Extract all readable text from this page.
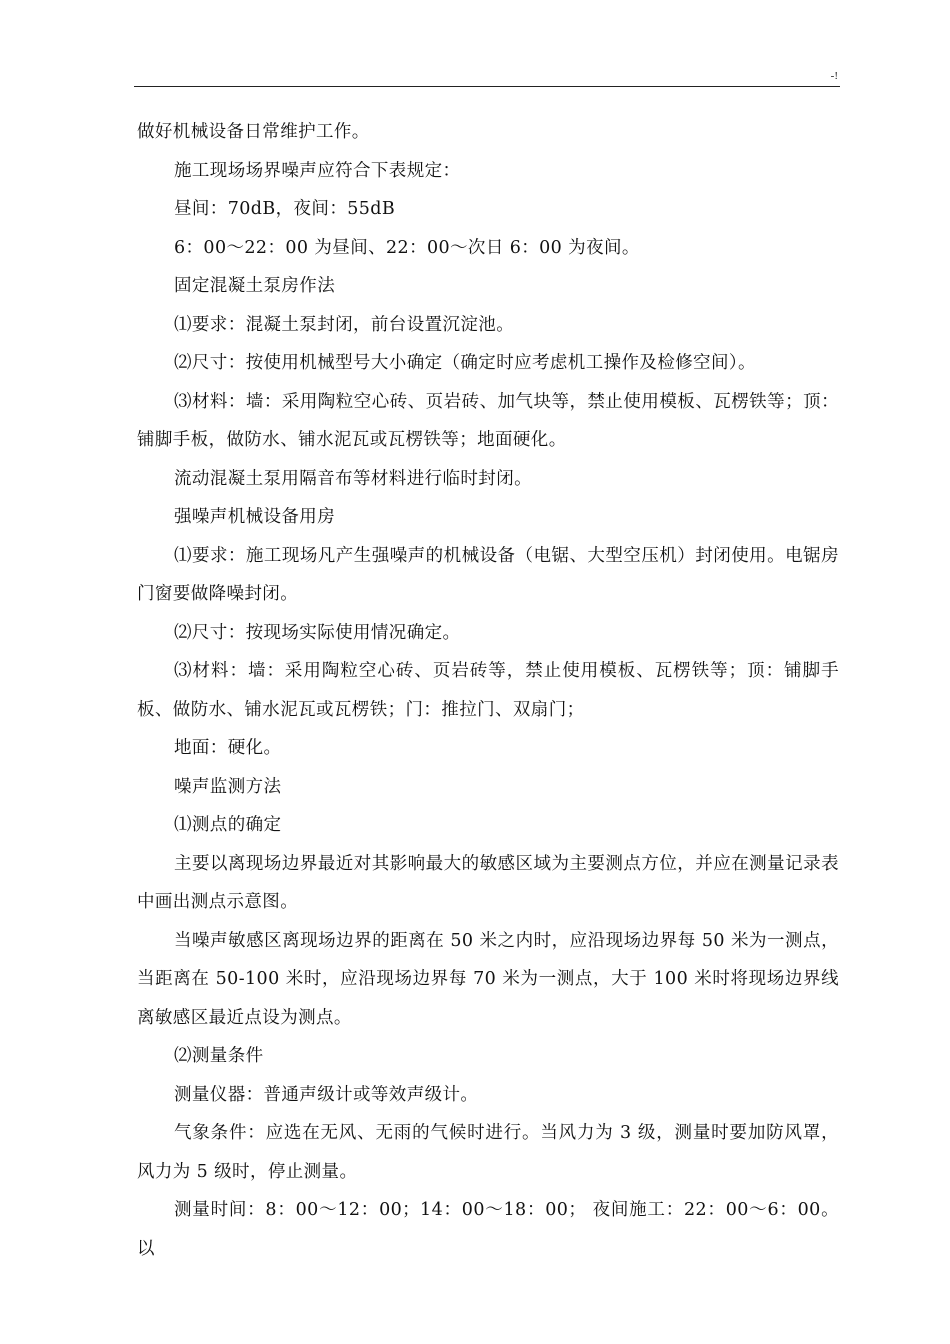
-!

做好机械设备日常维护工作。

施工现场场界噪声应符合下表规定：

昼间：70dB，夜间：55dB

6：00～22：00 为昼间、22：00～次日 6：00 为夜间。

固定混凝土泵房作法

⑴要求：混凝土泵封闭，前台设置沉淀池。

⑵尺寸：按使用机械型号大小确定（确定时应考虑机工操作及检修空间）。

⑶材料：墙：采用陶粒空心砖、页岩砖、加气块等，禁止使用模板、瓦楞铁等；顶：铺脚手板，做防水、铺水泥瓦或瓦楞铁等；地面硬化。

流动混凝土泵用隔音布等材料进行临时封闭。

强噪声机械设备用房

⑴要求：施工现场凡产生强噪声的机械设备（电锯、大型空压机）封闭使用。电锯房门窗要做降噪封闭。

⑵尺寸：按现场实际使用情况确定。

⑶材料：墙：采用陶粒空心砖、页岩砖等，禁止使用模板、瓦楞铁等；顶：铺脚手板、做防水、铺水泥瓦或瓦楞铁；门：推拉门、双扇门；

地面：硬化。

噪声监测方法

⑴测点的确定

主要以离现场边界最近对其影响最大的敏感区域为主要测点方位，并应在测量记录表中画出测点示意图。

当噪声敏感区离现场边界的距离在 50 米之内时，应沿现场边界每 50 米为一测点，当距离在 50-100 米时，应沿现场边界每 70 米为一测点，大于 100 米时将现场边界线离敏感区最近点设为测点。

⑵测量条件

测量仪器：普通声级计或等效声级计。

气象条件：应选在无风、无雨的气候时进行。当风力为 3 级，测量时要加防风罩，风力为 5 级时，停止测量。

测量时间：8：00～12：00；14：00～18：00； 夜间施工：22：00～6：00。以
